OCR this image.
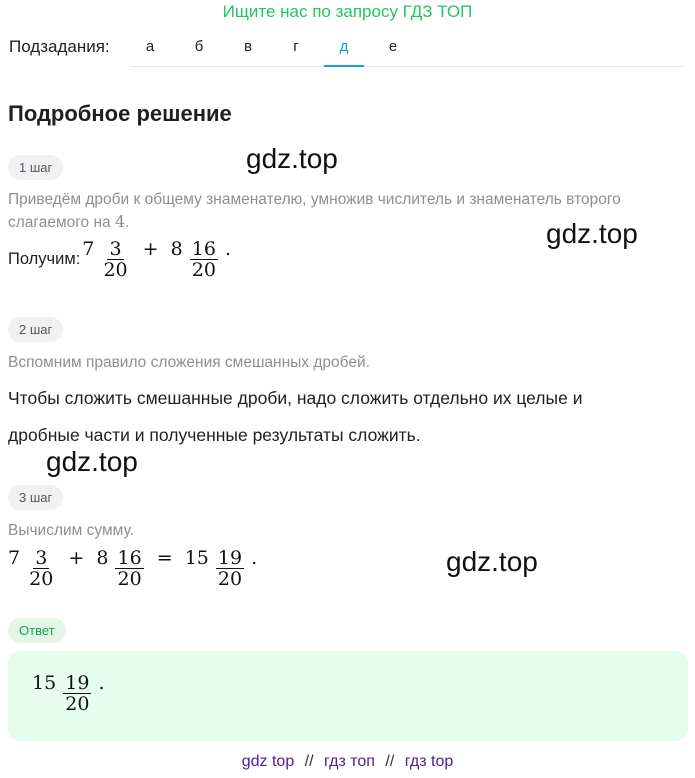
Ищите нас по запросу ГДЗ ТОП
Подзадания:	а	б	в	г	д	е
Подробное решение
1 шаг	gdz.top
Приведём дроби к общему знаменателю, умножив числитель и знаменатель второго
слагаемого на 4.	gdz.top
Получим: $7 \frac{3}{20} + 8 \frac{16}{20}$ .
2 шаг
Вспомним правило сложения смешанных дробей.
Чтобы сложить смешанные дроби, надо сложить отдельно их целые и
дробные части и полученные результаты сложить.
gdz.top
3 шаг
Вычислим сумму.
$7 \frac{3}{20} + 8 \frac{16}{20} = 15 \frac{19}{20}$ .	gdz.top
Ответ
$15 \frac{19}{20}$ .
gdz top // гдз топ // гдз top
